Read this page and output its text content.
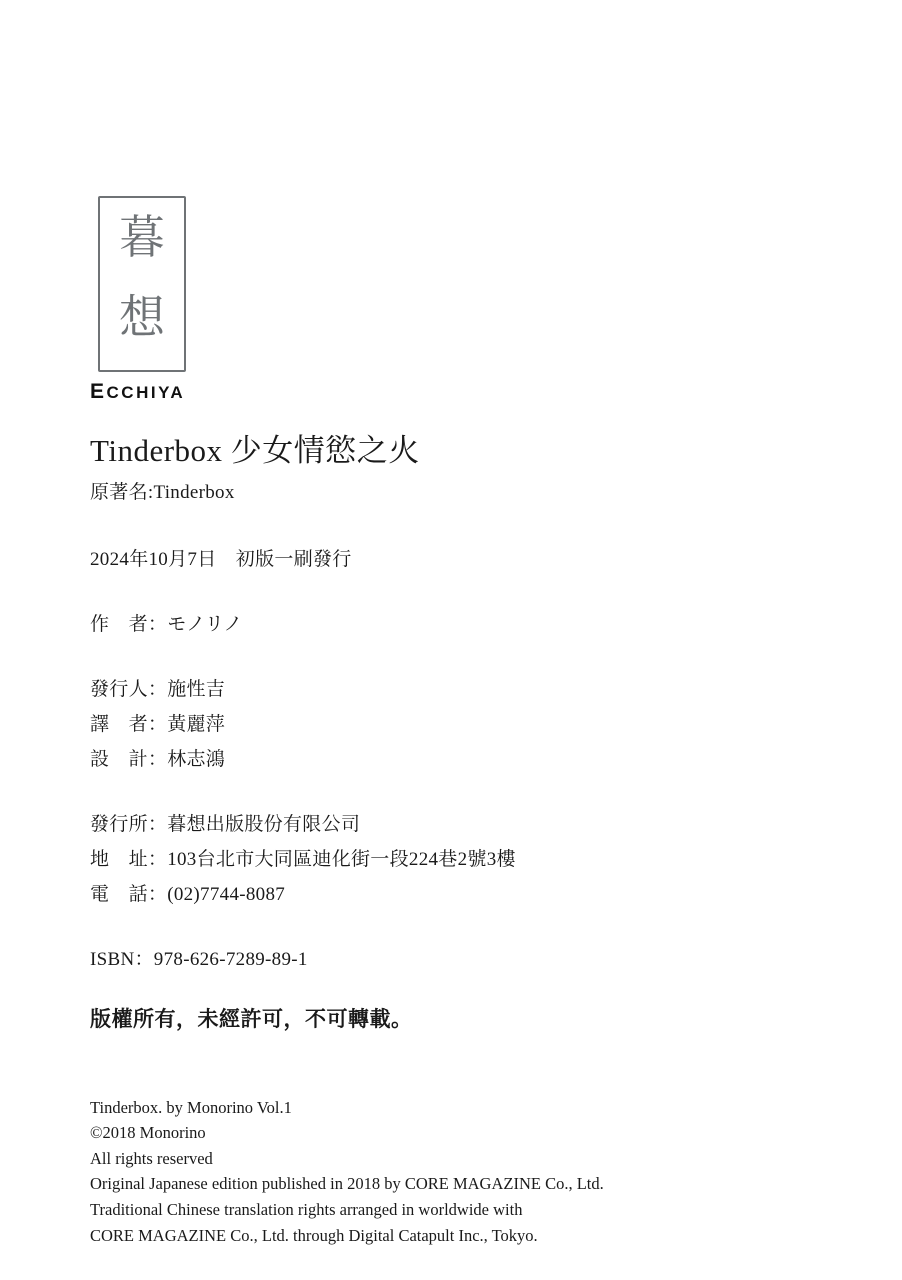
暮
想
ECCHIYA
Tinderbox 少女情慾之火
原著名:Tinderbox
2024年10月7日　初版一刷發行
作　者：モノリノ
發行人：施性吉
譯　者：黃麗萍
設　計：林志鴻
發行所：暮想出版股份有限公司
地　址：103台北市大同區迪化街一段224巷2號3樓
電　話：(02)7744-8087
ISBN：978-626-7289-89-1
版權所有，未經許可，不可轉載。
Tinderbox. by Monorino Vol.1
©2018 Monorino
All rights reserved
Original Japanese edition published in 2018 by CORE MAGAZINE Co., Ltd.
Traditional Chinese translation rights arranged in worldwide with
CORE MAGAZINE Co., Ltd. through Digital Catapult Inc., Tokyo.
